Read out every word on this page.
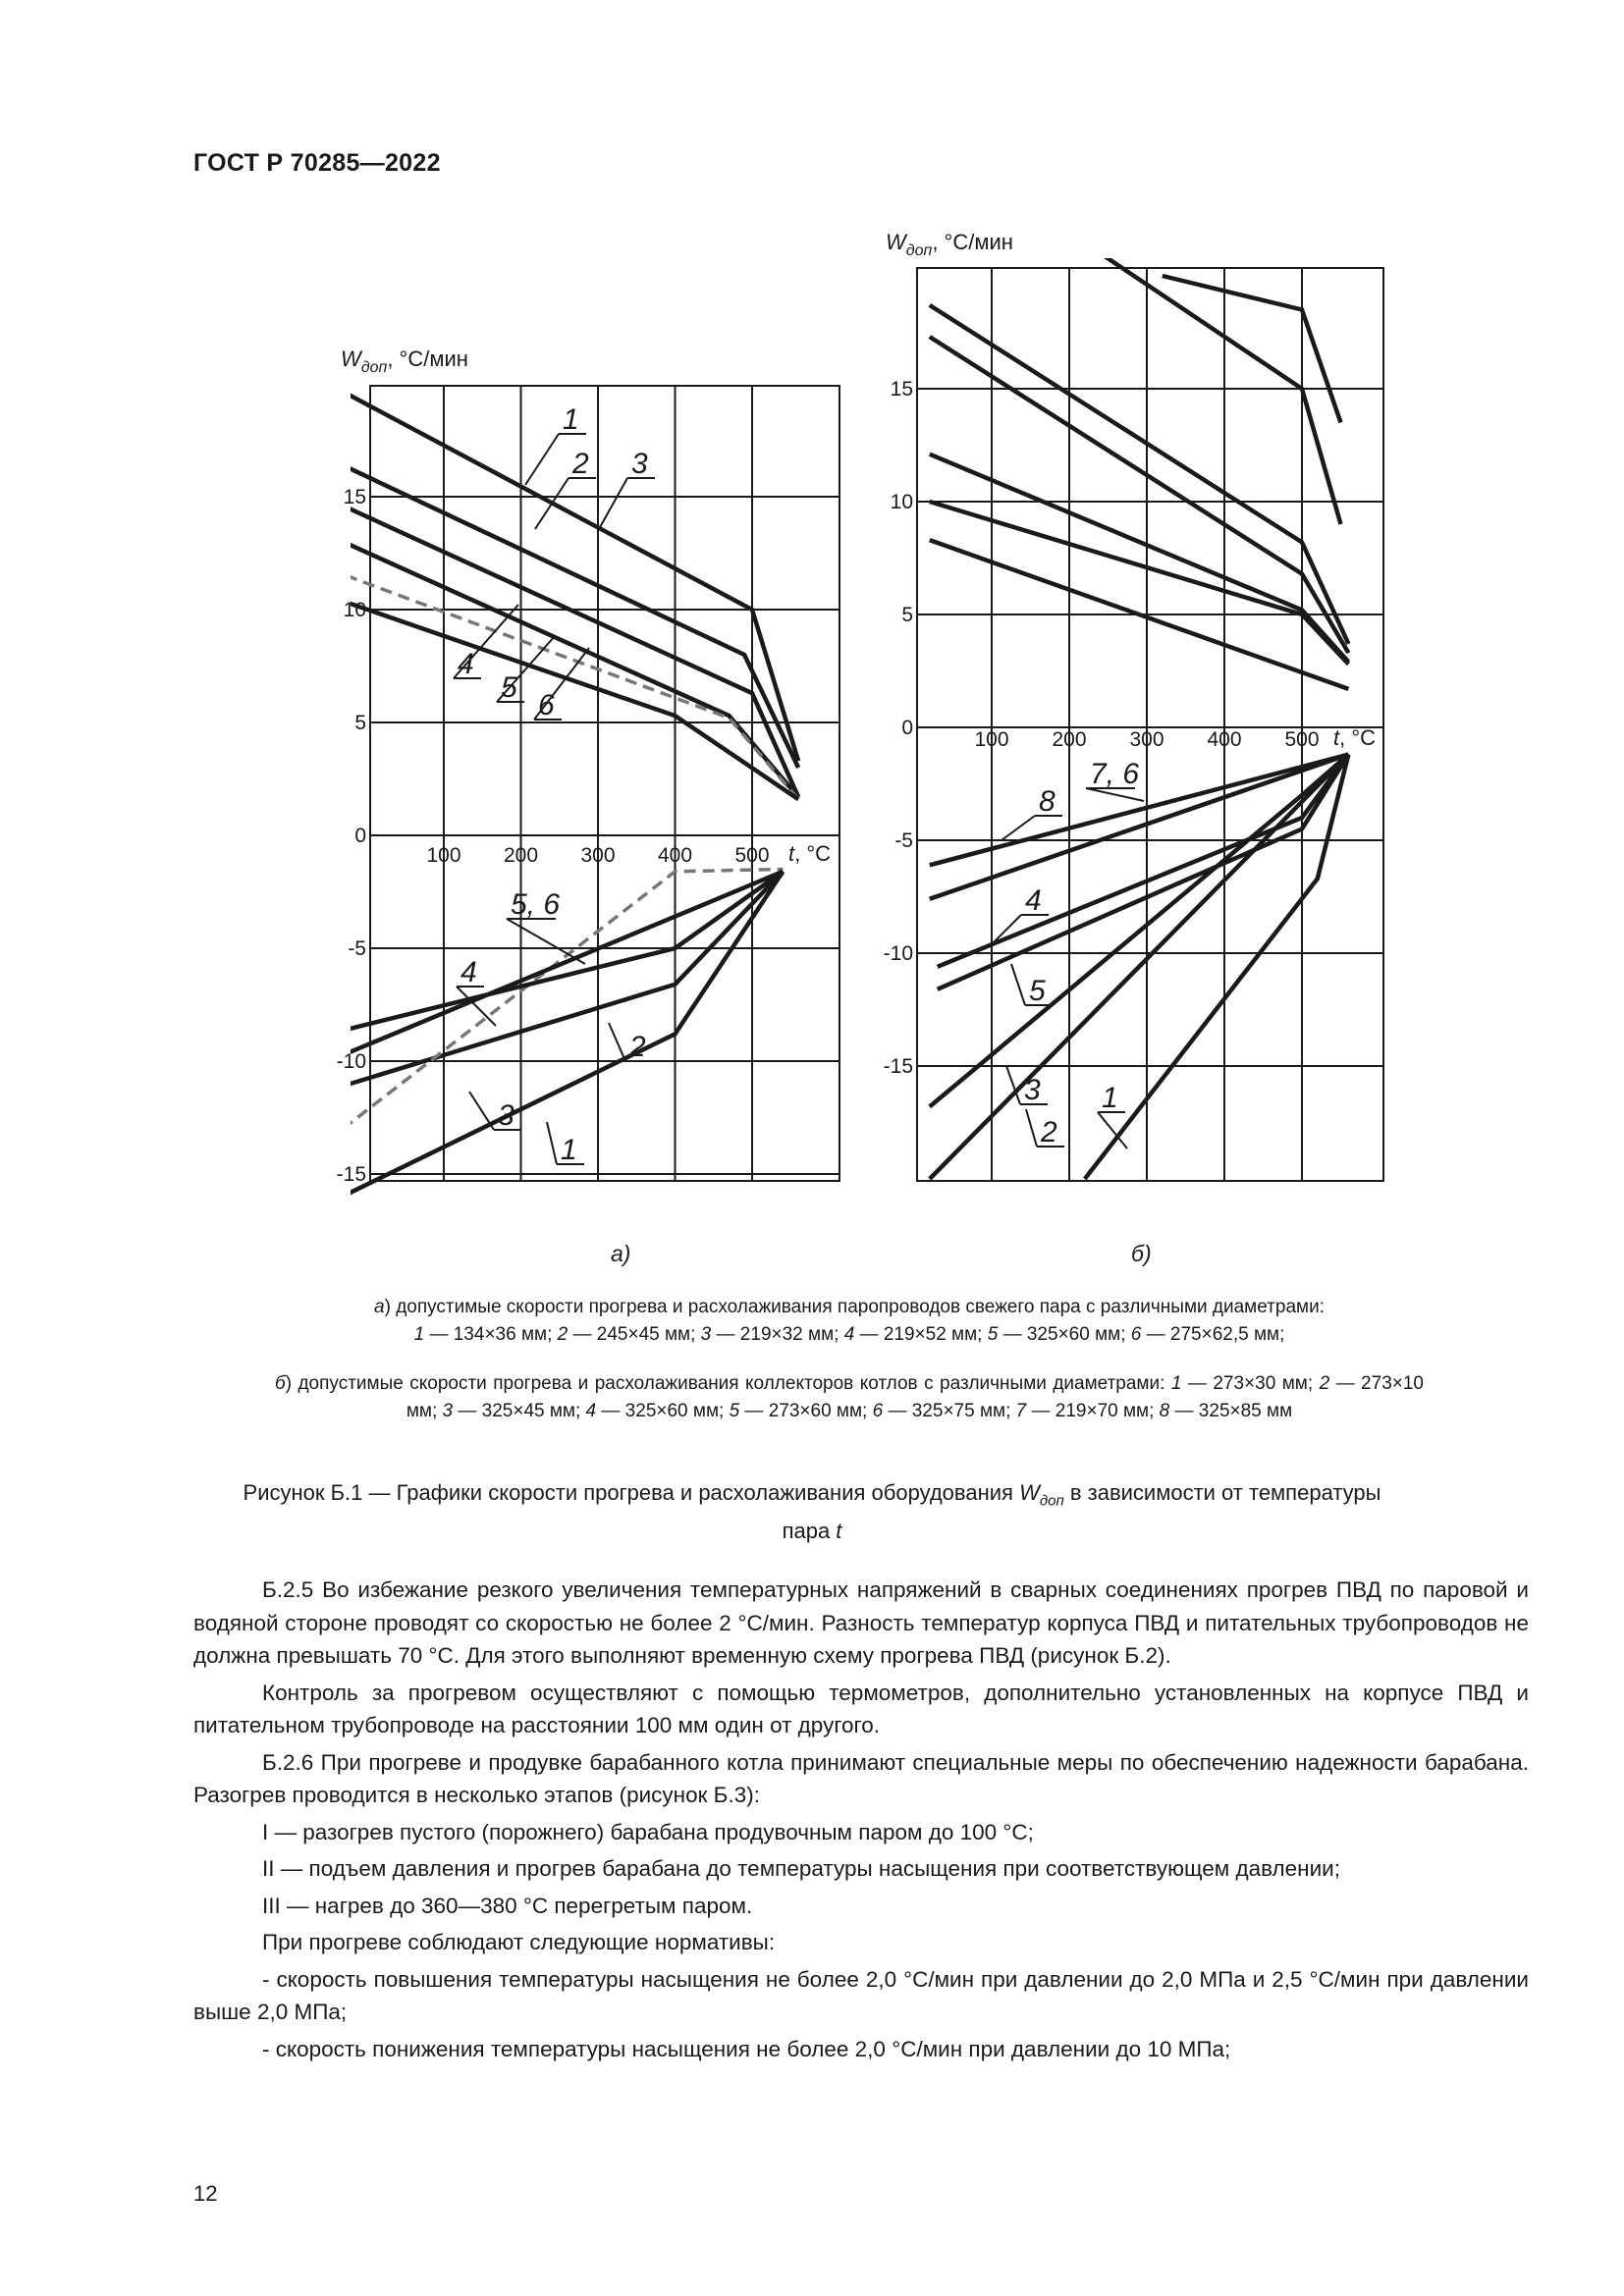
ГОСТ Р 70285—2022
1
2 3
4
5
6
5, 6
4
2
3
1
100 200 300 400 500
15
10
5
0
-5
-10
-15
$W_{доп}$, °С/мин
t, °С
7, 6
8
4
5
3
2
1
100 200 300 400 500
15
10
5
0
-5
-10
-15
$W_{доп}$, °С/мин
t, °С
а)	б)
а) допустимые скорости прогрева и расхолаживания паропроводов свежего пара с различными диаметрами:
1 — 134×36 мм; 2 — 245×45 мм; 3 — 219×32 мм; 4 — 219×52 мм; 5 — 325×60 мм; 6 — 275×62,5 мм;
б) допустимые скорости прогрева и расхолаживания коллекторов котлов с различными диаметрами: 1 — 273×30 мм; 2 — 273×10 мм; 3 — 325×45 мм; 4 — 325×60 мм; 5 — 273×60 мм; 6 — 325×75 мм; 7 — 219×70 мм; 8 — 325×85 мм
Рисунок Б.1 — Графики скорости прогрева и расхолаживания оборудования $W_{доп}$ в зависимости от температуры пара t

Б.2.5 Во избежание резкого увеличения температурных напряжений в сварных соединениях прогрев ПВД по паровой и водяной стороне проводят со скоростью не более 2 °С/мин. Разность температур корпуса ПВД и питательных трубопроводов не должна превышать 70 °С. Для этого выполняют временную схему прогрева ПВД (рисунок Б.2).

Контроль за прогревом осуществляют с помощью термометров, дополнительно установленных на корпусе ПВД и питательном трубопроводе на расстоянии 100 мм один от другого.

Б.2.6 При прогреве и продувке барабанного котла принимают специальные меры по обеспечению надежности барабана. Разогрев проводится в несколько этапов (рисунок Б.3):

I — разогрев пустого (порожнего) барабана продувочным паром до 100 °С;

II — подъем давления и прогрев барабана до температуры насыщения при соответствующем давлении;

III — нагрев до 360—380 °С перегретым паром.

При прогреве соблюдают следующие нормативы:

- скорость повышения температуры насыщения не более 2,0 °С/мин при давлении до 2,0 МПа и 2,5 °С/мин при давлении выше 2,0 МПа;

- скорость понижения температуры насыщения не более 2,0 °С/мин при давлении до 10 МПа;

12
